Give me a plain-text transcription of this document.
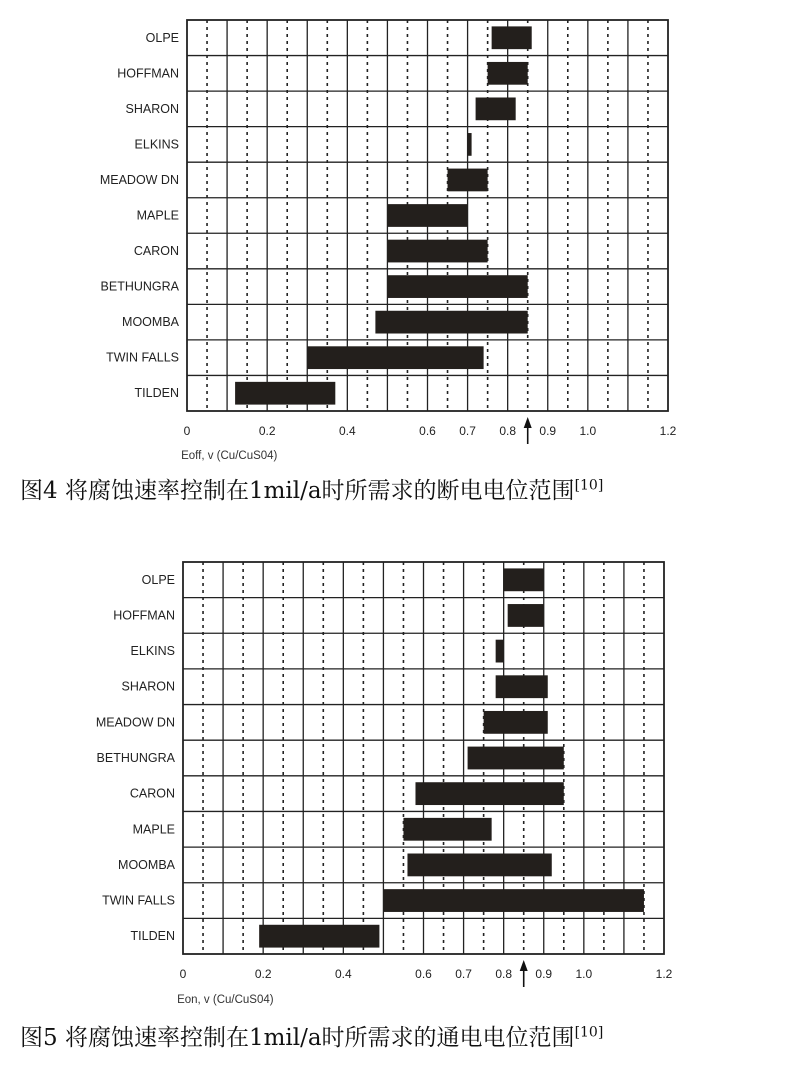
OLPE
HOFFMAN
SHARON
ELKINS
MEADOW DN
MAPLE
CARON
BETHUNGRA
MOOMBA
TWIN FALLS
TILDEN
0	0.2	0.4	0.6 0.7 0.8 0.9 1.0	1.2
Eoff, v (Cu/CuS04)
图4 将腐蚀速率控制在1mil/a时所需求的断电电位范围[10]
OLPE
HOFFMAN
ELKINS
SHARON
MEADOW DN
BETHUNGRA
CARON
MAPLE
MOOMBA
TWIN FALLS
TILDEN
0	0.2	0.4	0.6 0.7 0.8 0.9 1.0	1.2
Eon, v (Cu/CuS04)
图5 将腐蚀速率控制在1mil/a时所需求的通电电位范围[10]
